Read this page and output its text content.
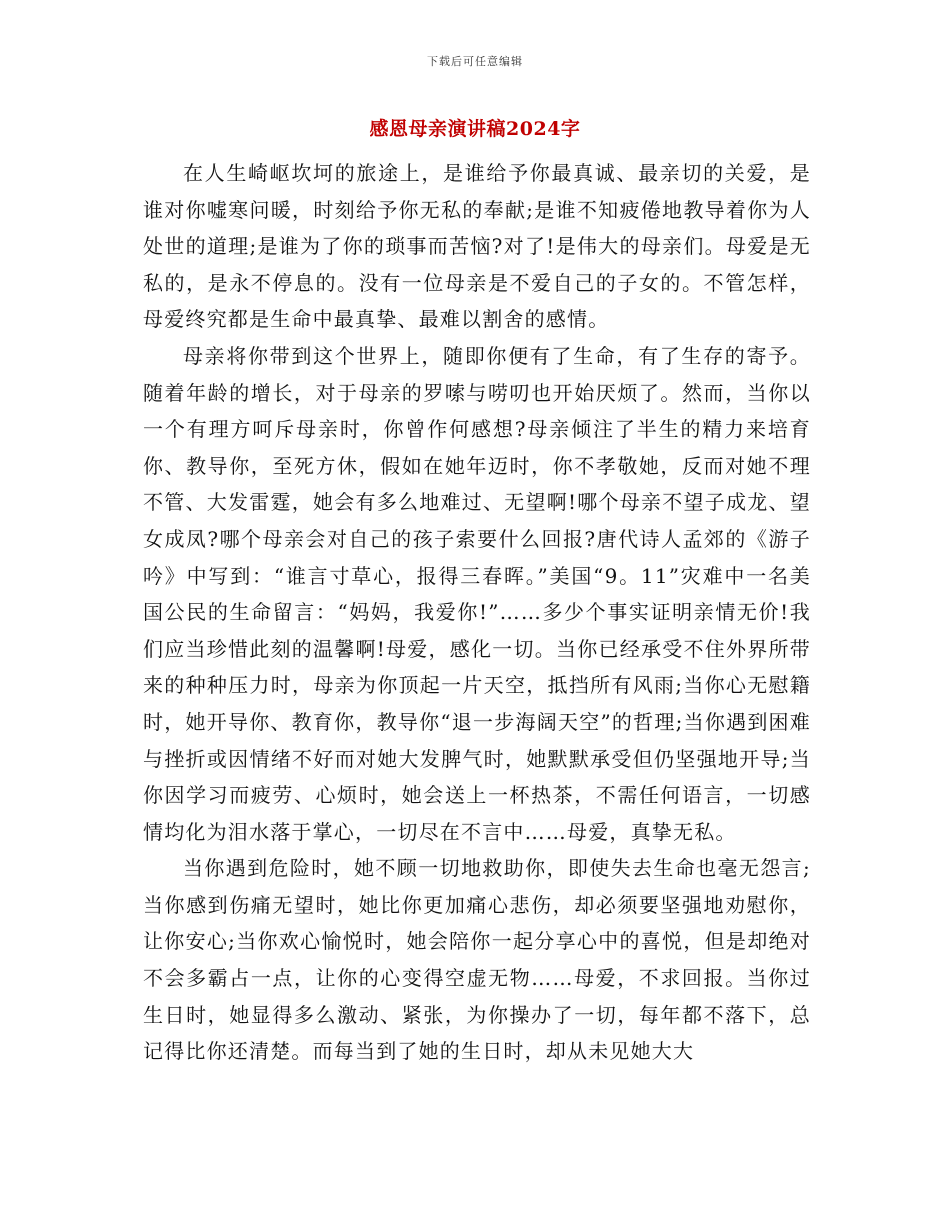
下载后可任意编辑
感恩母亲演讲稿2024字

在人生崎岖坎坷的旅途上，是谁给予你最真诚、最亲切的关爱，是谁对你嘘寒问暖，时刻给予你无私的奉献;是谁不知疲倦地教导着你为人处世的道理;是谁为了你的琐事而苦恼?对了!是伟大的母亲们。母爱是无私的，是永不停息的。没有一位母亲是不爱自己的子女的。不管怎样，母爱终究都是生命中最真挚、最难以割舍的感情。

母亲将你带到这个世界上，随即你便有了生命，有了生存的寄予。随着年龄的增长，对于母亲的罗嗦与唠叨也开始厌烦了。然而，当你以一个有理方呵斥母亲时，你曾作何感想?母亲倾注了半生的精力来培育你、教导你，至死方休，假如在她年迈时，你不孝敬她，反而对她不理不管、大发雷霆，她会有多么地难过、无望啊!哪个母亲不望子成龙、望女成凤?哪个母亲会对自己的孩子索要什么回报?唐代诗人孟郊的《游子吟》中写到：“谁言寸草心，报得三春晖。”美国“9。11”灾难中一名美国公民的生命留言：“妈妈，我爱你!”……多少个事实证明亲情无价!我们应当珍惜此刻的温馨啊!母爱，感化一切。当你已经承受不住外界所带来的种种压力时，母亲为你顶起一片天空，抵挡所有风雨;当你心无慰籍时，她开导你、教育你，教导你“退一步海阔天空”的哲理;当你遇到困难与挫折或因情绪不好而对她大发脾气时，她默默承受但仍坚强地开导;当你因学习而疲劳、心烦时，她会送上一杯热茶，不需任何语言，一切感情均化为泪水落于掌心，一切尽在不言中……母爱，真挚无私。

当你遇到危险时，她不顾一切地救助你，即使失去生命也毫无怨言;当你感到伤痛无望时，她比你更加痛心悲伤，却必须要坚强地劝慰你，让你安心;当你欢心愉悦时，她会陪你一起分享心中的喜悦，但是却绝对不会多霸占一点，让你的心变得空虚无物……母爱，不求回报。当你过生日时，她显得多么激动、紧张，为你操办了一切，每年都不落下，总记得比你还清楚。而每当到了她的生日时，却从未见她大大
